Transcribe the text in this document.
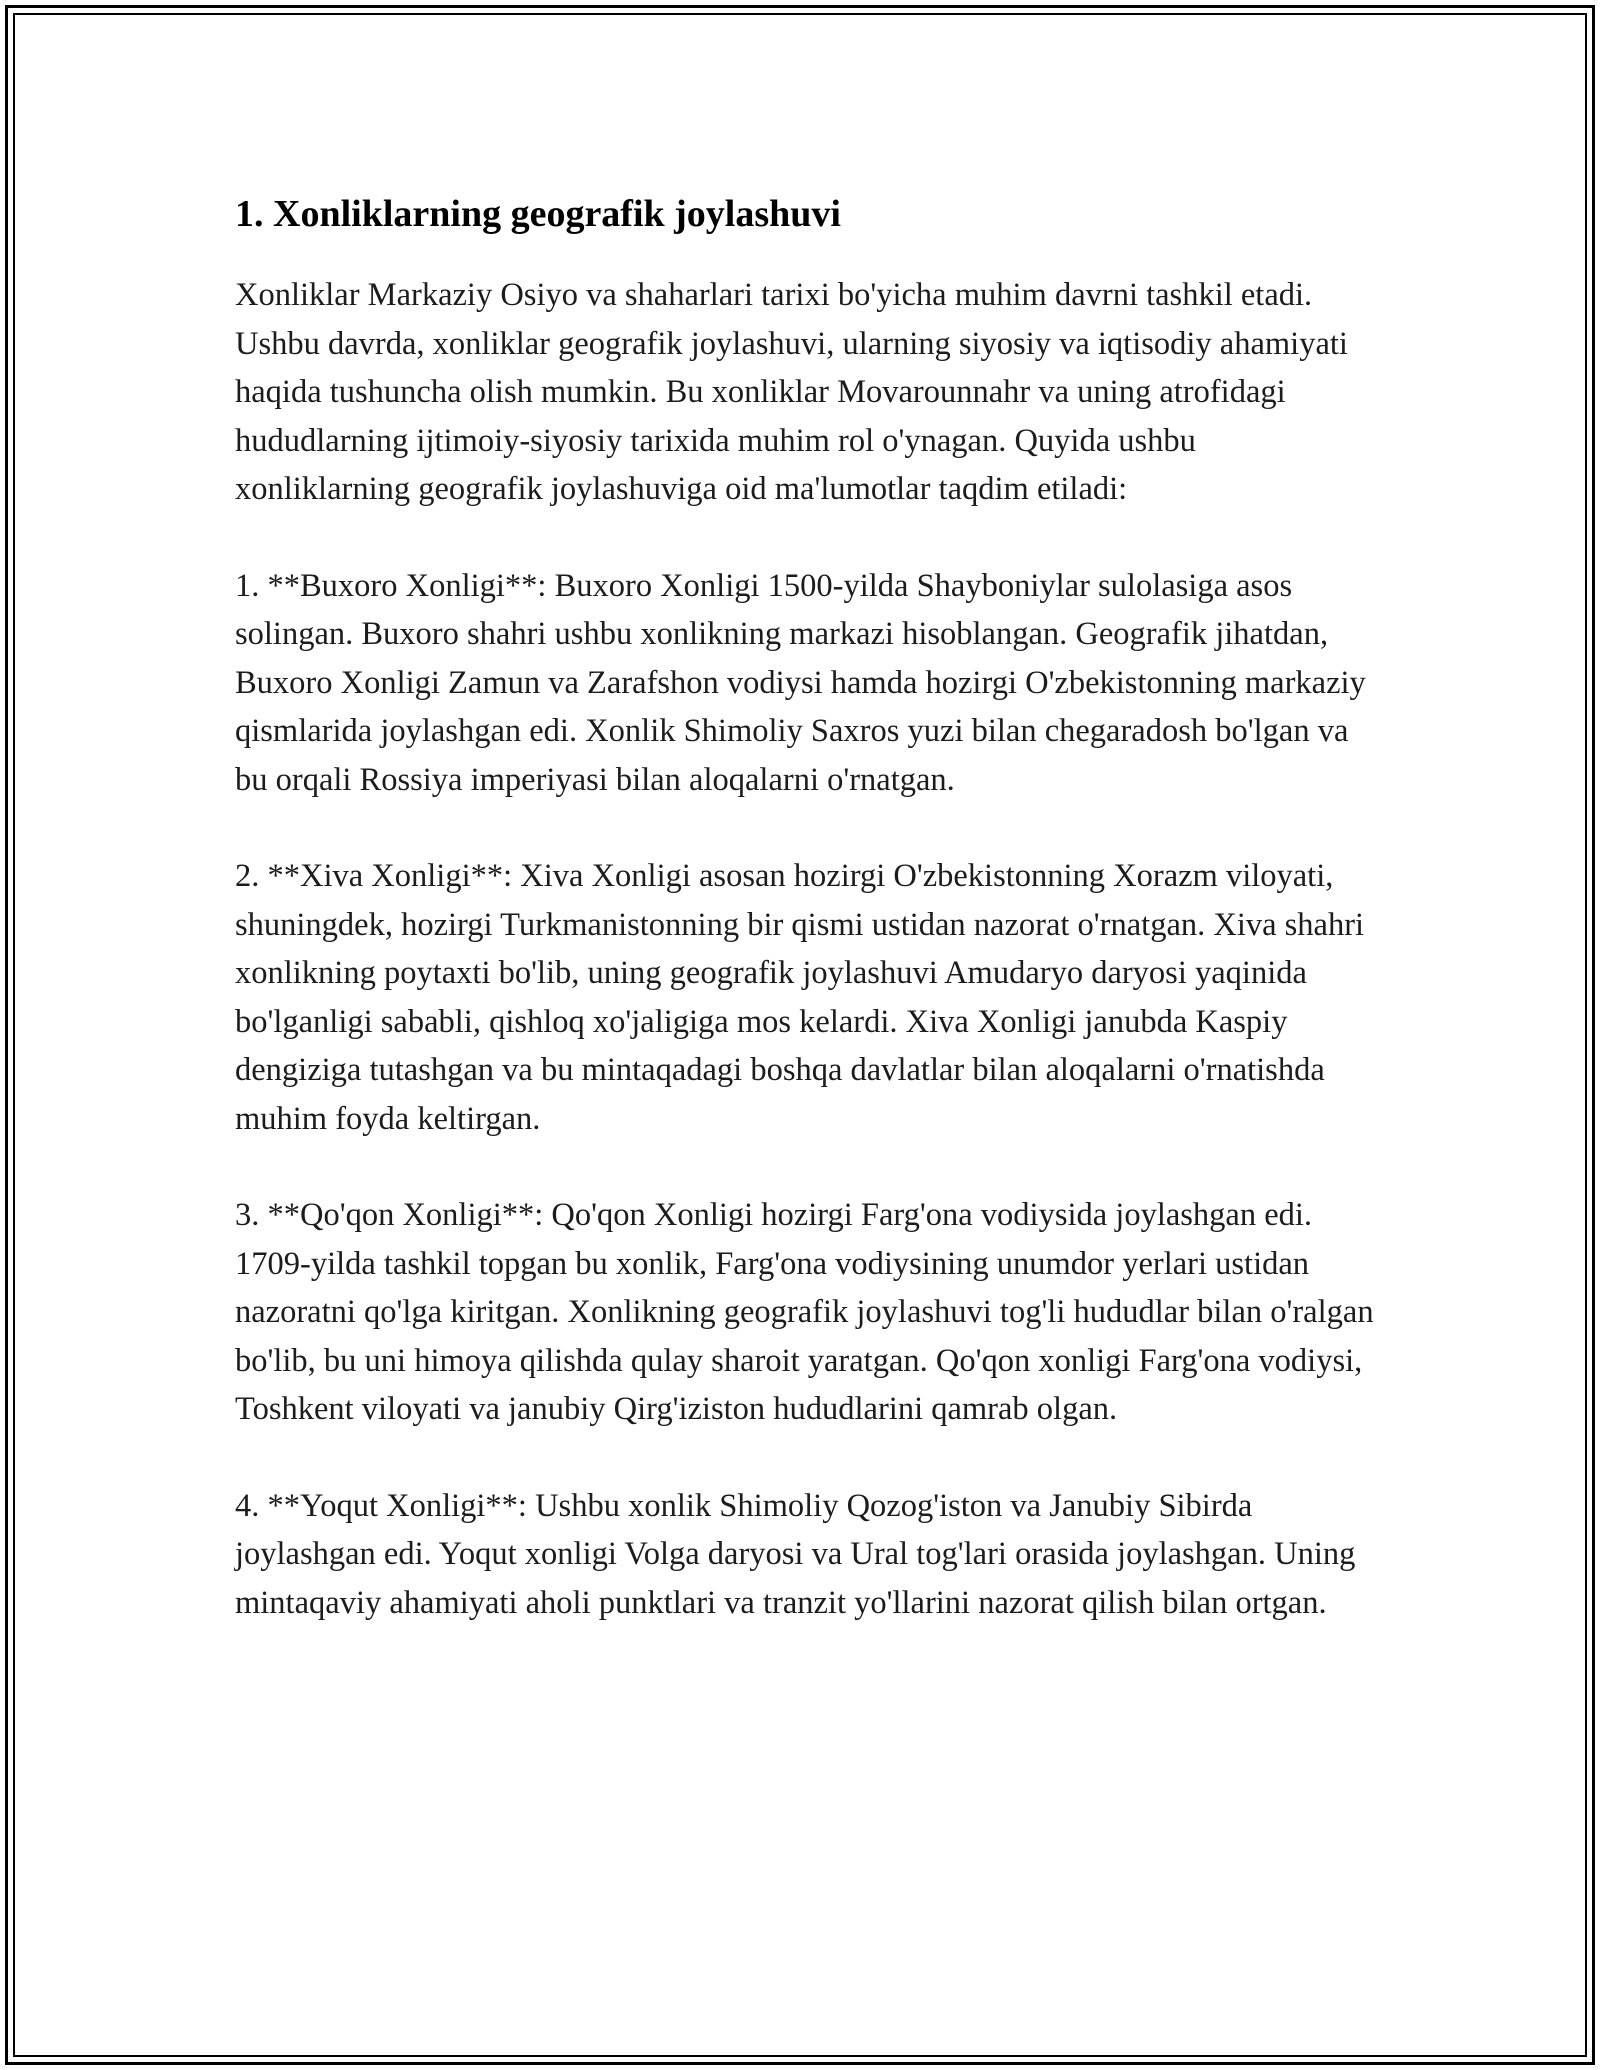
1. Xonliklarning geografik joylashuvi

Xonliklar Markaziy Osiyo va shaharlari tarixi bo'yicha muhim davrni tashkil etadi. Ushbu davrda, xonliklar geografik joylashuvi, ularning siyosiy va iqtisodiy ahamiyati haqida tushuncha olish mumkin. Bu xonliklar Movarounnahr va uning atrofidagi hududlarning ijtimoiy-siyosiy tarixida muhim rol o'ynagan. Quyida ushbu xonliklarning geografik joylashuviga oid ma'lumotlar taqdim etiladi:

1. **Buxoro Xonligi**: Buxoro Xonligi 1500-yilda Shayboniylar sulolasiga asos solingan. Buxoro shahri ushbu xonlikning markazi hisoblangan. Geografik jihatdan, Buxoro Xonligi Zamun va Zarafshon vodiysi hamda hozirgi O'zbekistonning markaziy qismlarida joylashgan edi. Xonlik Shimoliy Saxros yuzi bilan chegaradosh bo'lgan va bu orqali Rossiya imperiyasi bilan aloqalarni o'rnatgan.

2. **Xiva Xonligi**: Xiva Xonligi asosan hozirgi O'zbekistonning Xorazm viloyati, shuningdek, hozirgi Turkmanistonning bir qismi ustidan nazorat o'rnatgan. Xiva shahri xonlikning poytaxti bo'lib, uning geografik joylashuvi Amudaryo daryosi yaqinida bo'lganligi sababli, qishloq xo'jaligiga mos kelardi. Xiva Xonligi janubda Kaspiy dengiziga tutashgan va bu mintaqadagi boshqa davlatlar bilan aloqalarni o'rnatishda muhim foyda keltirgan.

3. **Qo'qon Xonligi**: Qo'qon Xonligi hozirgi Farg'ona vodiysida joylashgan edi. 1709-yilda tashkil topgan bu xonlik, Farg'ona vodiysining unumdor yerlari ustidan nazoratni qo'lga kiritgan. Xonlikning geografik joylashuvi tog'li hududlar bilan o'ralgan bo'lib, bu uni himoya qilishda qulay sharoit yaratgan. Qo'qon xonligi Farg'ona vodiysi, Toshkent viloyati va janubiy Qirg'iziston hududlarini qamrab olgan.

4. **Yoqut Xonligi**: Ushbu xonlik Shimoliy Qozog'iston va Janubiy Sibirda joylashgan edi. Yoqut xonligi Volga daryosi va Ural tog'lari orasida joylashgan. Uning mintaqaviy ahamiyati aholi punktlari va tranzit yo'llarini nazorat qilish bilan ortgan.
